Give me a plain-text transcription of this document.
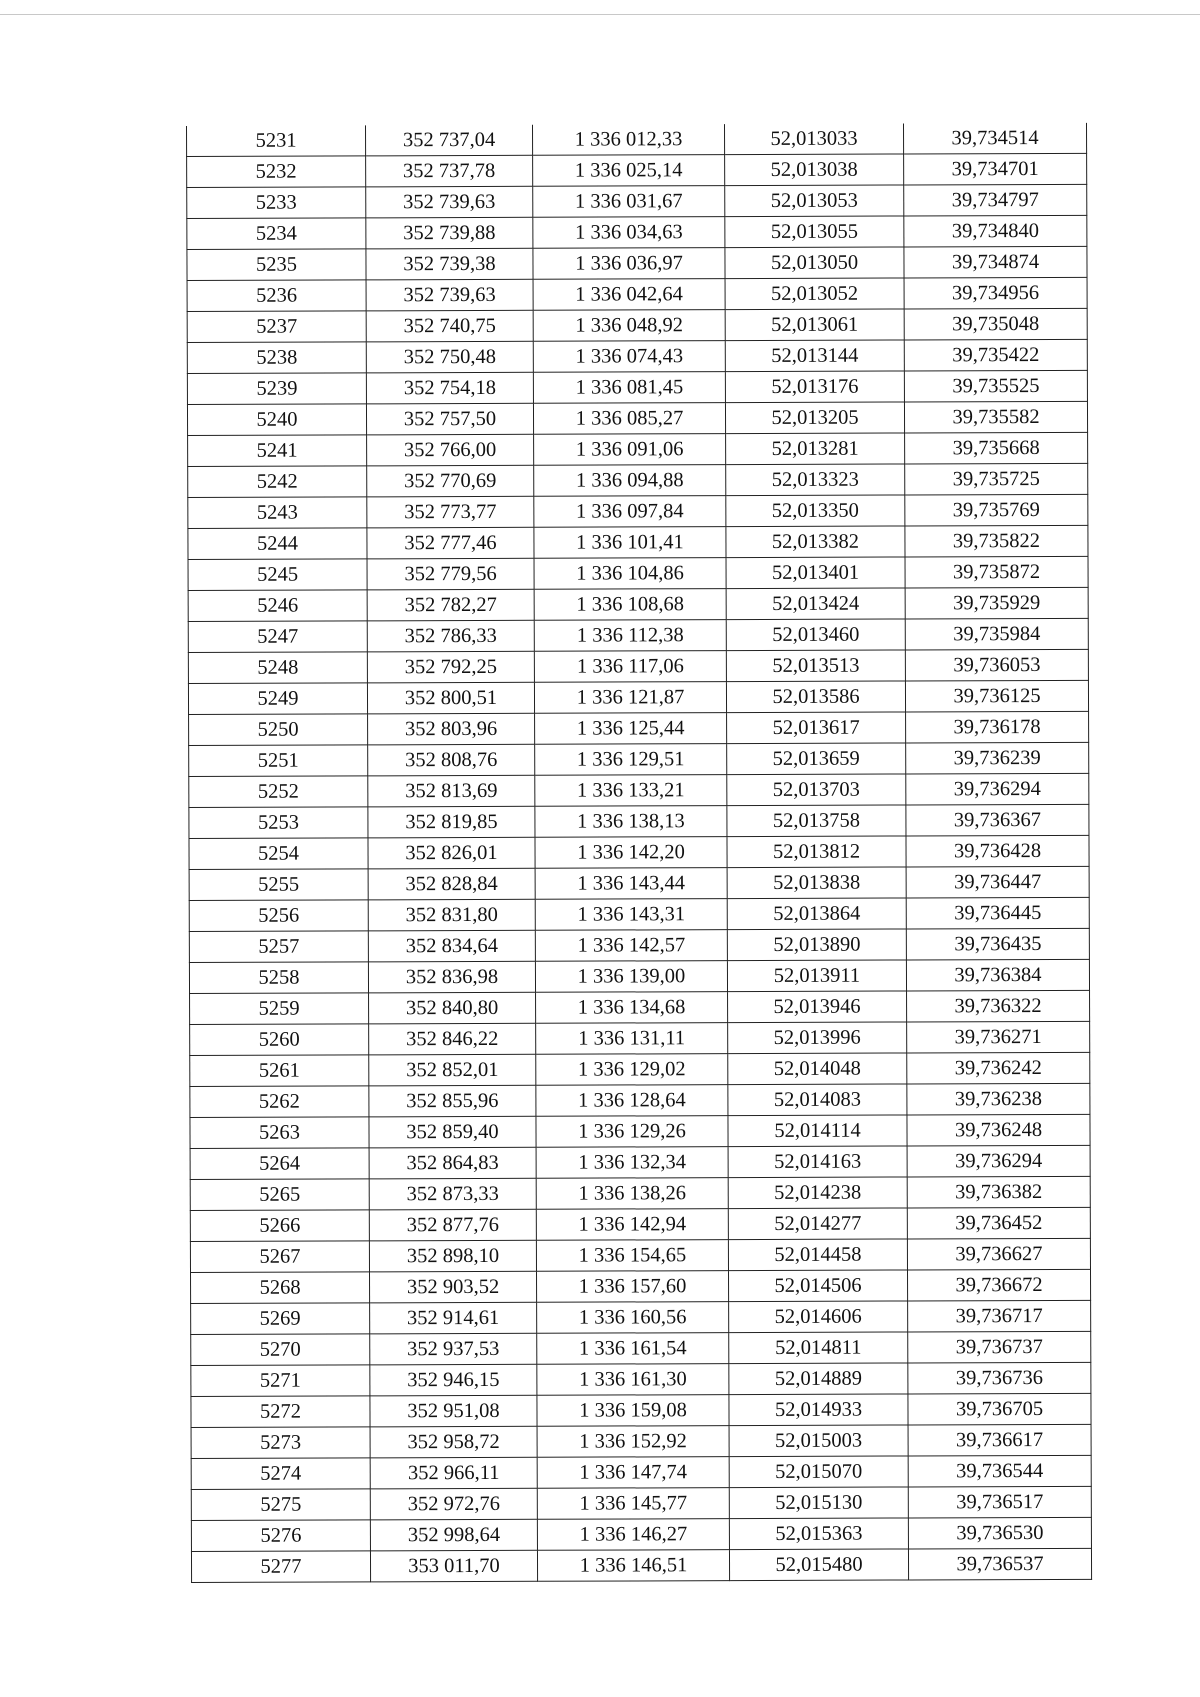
5231	352 737,04	1 336 012,33	52,013033	39,734514
5232	352 737,78	1 336 025,14	52,013038	39,734701
5233	352 739,63	1 336 031,67	52,013053	39,734797
5234	352 739,88	1 336 034,63	52,013055	39,734840
5235	352 739,38	1 336 036,97	52,013050	39,734874
5236	352 739,63	1 336 042,64	52,013052	39,734956
5237	352 740,75	1 336 048,92	52,013061	39,735048
5238	352 750,48	1 336 074,43	52,013144	39,735422
5239	352 754,18	1 336 081,45	52,013176	39,735525
5240	352 757,50	1 336 085,27	52,013205	39,735582
5241	352 766,00	1 336 091,06	52,013281	39,735668
5242	352 770,69	1 336 094,88	52,013323	39,735725
5243	352 773,77	1 336 097,84	52,013350	39,735769
5244	352 777,46	1 336 101,41	52,013382	39,735822
5245	352 779,56	1 336 104,86	52,013401	39,735872
5246	352 782,27	1 336 108,68	52,013424	39,735929
5247	352 786,33	1 336 112,38	52,013460	39,735984
5248	352 792,25	1 336 117,06	52,013513	39,736053
5249	352 800,51	1 336 121,87	52,013586	39,736125
5250	352 803,96	1 336 125,44	52,013617	39,736178
5251	352 808,76	1 336 129,51	52,013659	39,736239
5252	352 813,69	1 336 133,21	52,013703	39,736294
5253	352 819,85	1 336 138,13	52,013758	39,736367
5254	352 826,01	1 336 142,20	52,013812	39,736428
5255	352 828,84	1 336 143,44	52,013838	39,736447
5256	352 831,80	1 336 143,31	52,013864	39,736445
5257	352 834,64	1 336 142,57	52,013890	39,736435
5258	352 836,98	1 336 139,00	52,013911	39,736384
5259	352 840,80	1 336 134,68	52,013946	39,736322
5260	352 846,22	1 336 131,11	52,013996	39,736271
5261	352 852,01	1 336 129,02	52,014048	39,736242
5262	352 855,96	1 336 128,64	52,014083	39,736238
5263	352 859,40	1 336 129,26	52,014114	39,736248
5264	352 864,83	1 336 132,34	52,014163	39,736294
5265	352 873,33	1 336 138,26	52,014238	39,736382
5266	352 877,76	1 336 142,94	52,014277	39,736452
5267	352 898,10	1 336 154,65	52,014458	39,736627
5268	352 903,52	1 336 157,60	52,014506	39,736672
5269	352 914,61	1 336 160,56	52,014606	39,736717
5270	352 937,53	1 336 161,54	52,014811	39,736737
5271	352 946,15	1 336 161,30	52,014889	39,736736
5272	352 951,08	1 336 159,08	52,014933	39,736705
5273	352 958,72	1 336 152,92	52,015003	39,736617
5274	352 966,11	1 336 147,74	52,015070	39,736544
5275	352 972,76	1 336 145,77	52,015130	39,736517
5276	352 998,64	1 336 146,27	52,015363	39,736530
5277	353 011,70	1 336 146,51	52,015480	39,736537
